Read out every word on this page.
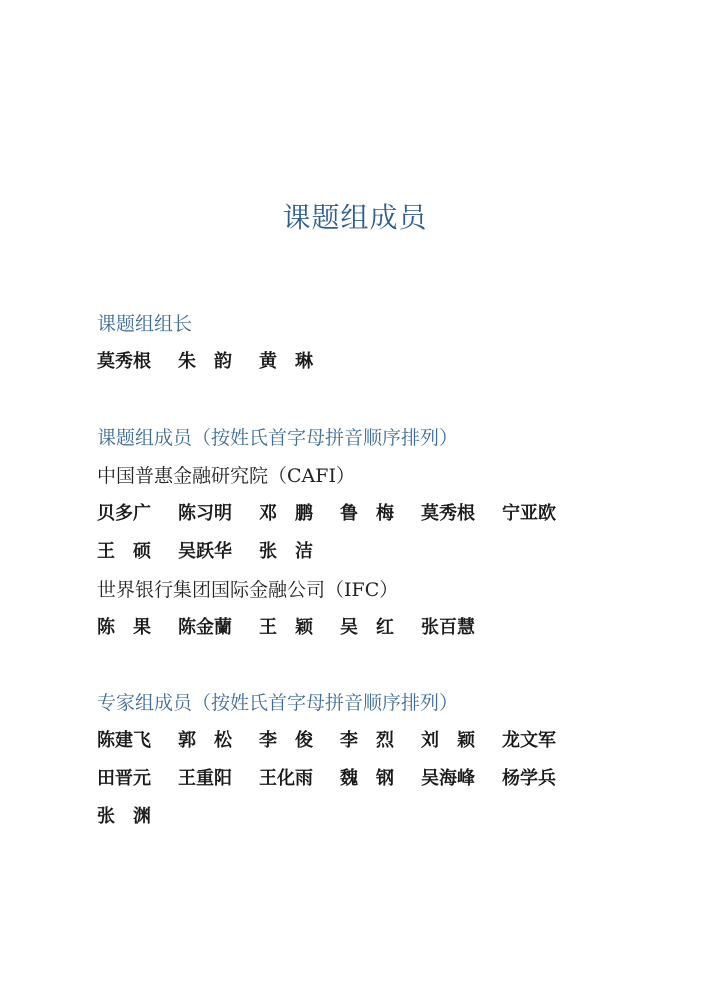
课题组成员
课题组组长
莫秀根 朱　韵 黄　琳
课题组成员（按姓氏首字母拼音顺序排列）
中国普惠金融研究院（CAFI）
贝多广 陈习明 邓　鹏 鲁　梅 莫秀根 宁亚欧
王　硕 吴跃华 张　洁
世界银行集团国际金融公司（IFC）
陈　果 陈金蘭 王　颖 吴　红 张百慧
专家组成员（按姓氏首字母拼音顺序排列）
陈建飞 郭　松 李　俊 李　烈 刘　颖 龙文军
田晋元 王重阳 王化雨 魏　钢 吴海峰 杨学兵
张　渊
